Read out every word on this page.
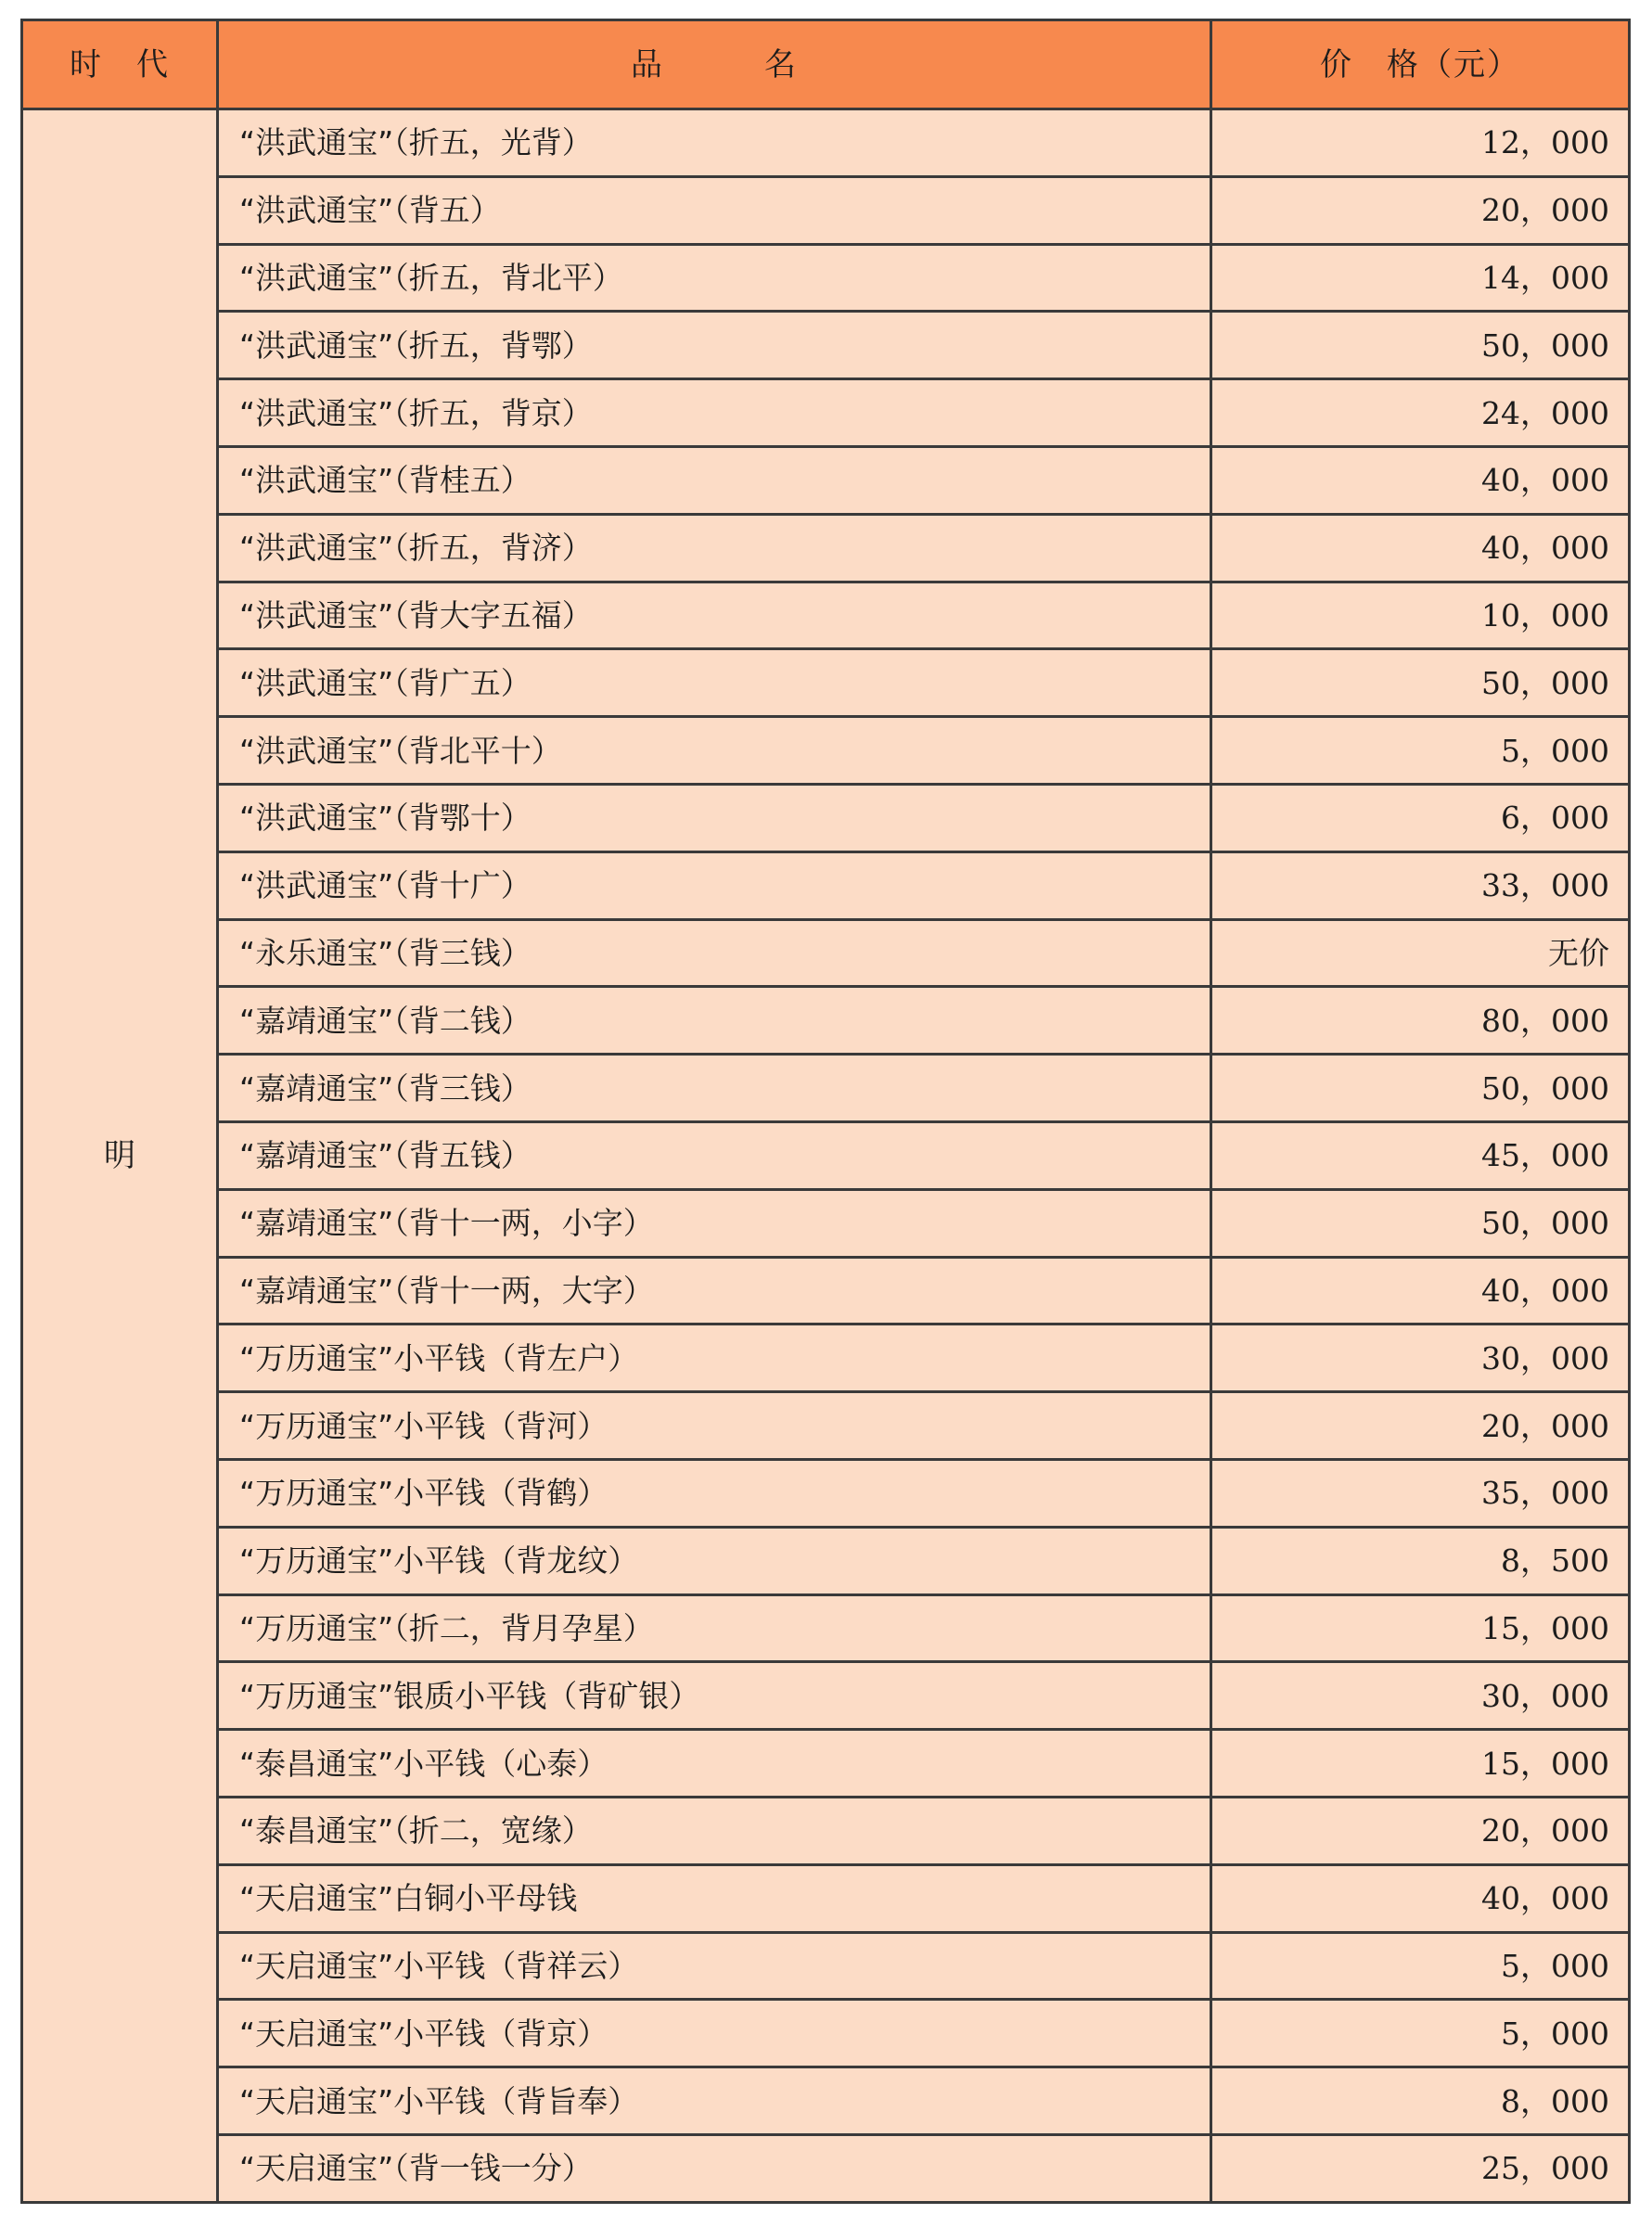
时　代	品　　　名	价　格（元）
明	“洪武通宝”（折五，光背）	12，000
	“洪武通宝”（背五）	20，000
	“洪武通宝”（折五，背北平）	14，000
	“洪武通宝”（折五，背鄂）	50，000
	“洪武通宝”（折五，背京）	24，000
	“洪武通宝”（背桂五）	40，000
	“洪武通宝”（折五，背济）	40，000
	“洪武通宝”（背大字五福）	10，000
	“洪武通宝”（背广五）	50，000
	“洪武通宝”（背北平十）	5，000
	“洪武通宝”（背鄂十）	6，000
	“洪武通宝”（背十广）	33，000
	“永乐通宝”（背三钱）	无价
	“嘉靖通宝”（背二钱）	80，000
	“嘉靖通宝”（背三钱）	50，000
	“嘉靖通宝”（背五钱）	45，000
	“嘉靖通宝”（背十一两，小字）	50，000
	“嘉靖通宝”（背十一两，大字）	40，000
	“万历通宝”小平钱（背左户）	30，000
	“万历通宝”小平钱（背河）	20，000
	“万历通宝”小平钱（背鹤）	35，000
	“万历通宝”小平钱（背龙纹）	8，500
	“万历通宝”（折二，背月孕星）	15，000
	“万历通宝”银质小平钱（背矿银）	30，000
	“泰昌通宝”小平钱（心泰）	15，000
	“泰昌通宝”（折二，宽缘）	20，000
	“天启通宝”白铜小平母钱	40，000
	“天启通宝”小平钱（背祥云）	5，000
	“天启通宝”小平钱（背京）	5，000
	“天启通宝”小平钱（背旨奉）	8，000
	“天启通宝”（背一钱一分）	25，000
